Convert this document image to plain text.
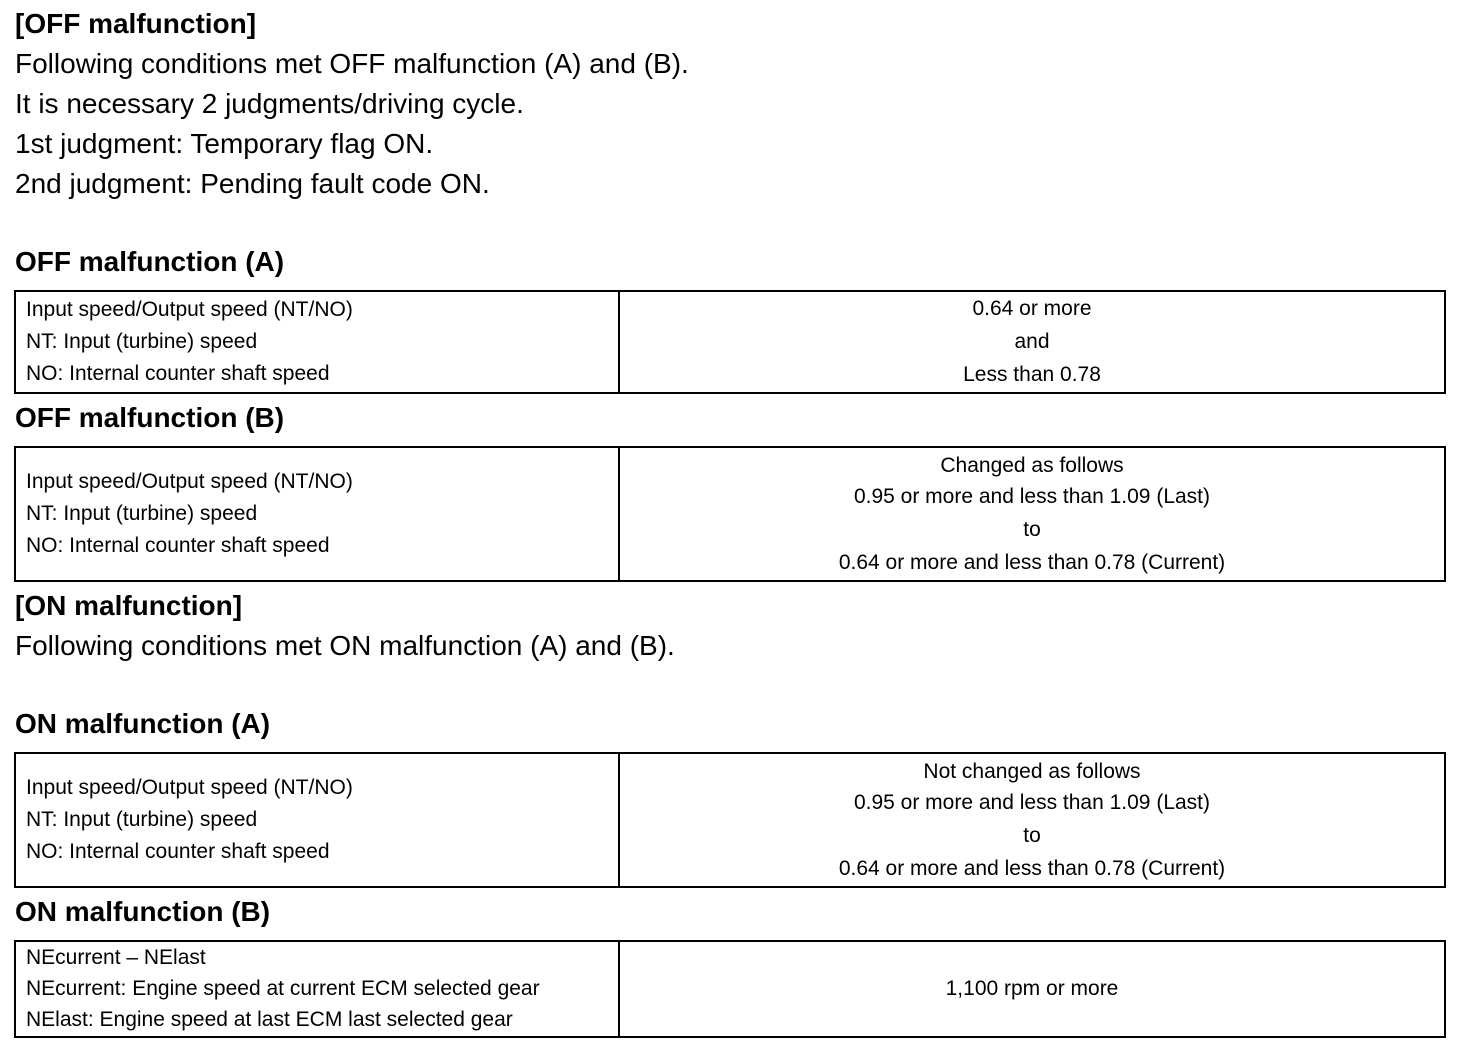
[OFF malfunction]
Following conditions met OFF malfunction (A) and (B).
It is necessary 2 judgments/driving cycle.
1st judgment: Temporary flag ON.
2nd judgment: Pending fault code ON.
OFF malfunction (A)
Input speed/Output speed (NT/NO)
NT: Input (turbine) speed
NO: Internal counter shaft speed
0.64 or more
and
Less than 0.78
OFF malfunction (B)
Input speed/Output speed (NT/NO)
NT: Input (turbine) speed
NO: Internal counter shaft speed
Changed as follows
0.95 or more and less than 1.09 (Last)
to
0.64 or more and less than 0.78 (Current)
[ON malfunction]
Following conditions met ON malfunction (A) and (B).
ON malfunction (A)
Input speed/Output speed (NT/NO)
NT: Input (turbine) speed
NO: Internal counter shaft speed
Not changed as follows
0.95 or more and less than 1.09 (Last)
to
0.64 or more and less than 0.78 (Current)
ON malfunction (B)
NEcurrent – NElast
NEcurrent: Engine speed at current ECM selected gear
NElast: Engine speed at last ECM last selected gear
1,100 rpm or more
